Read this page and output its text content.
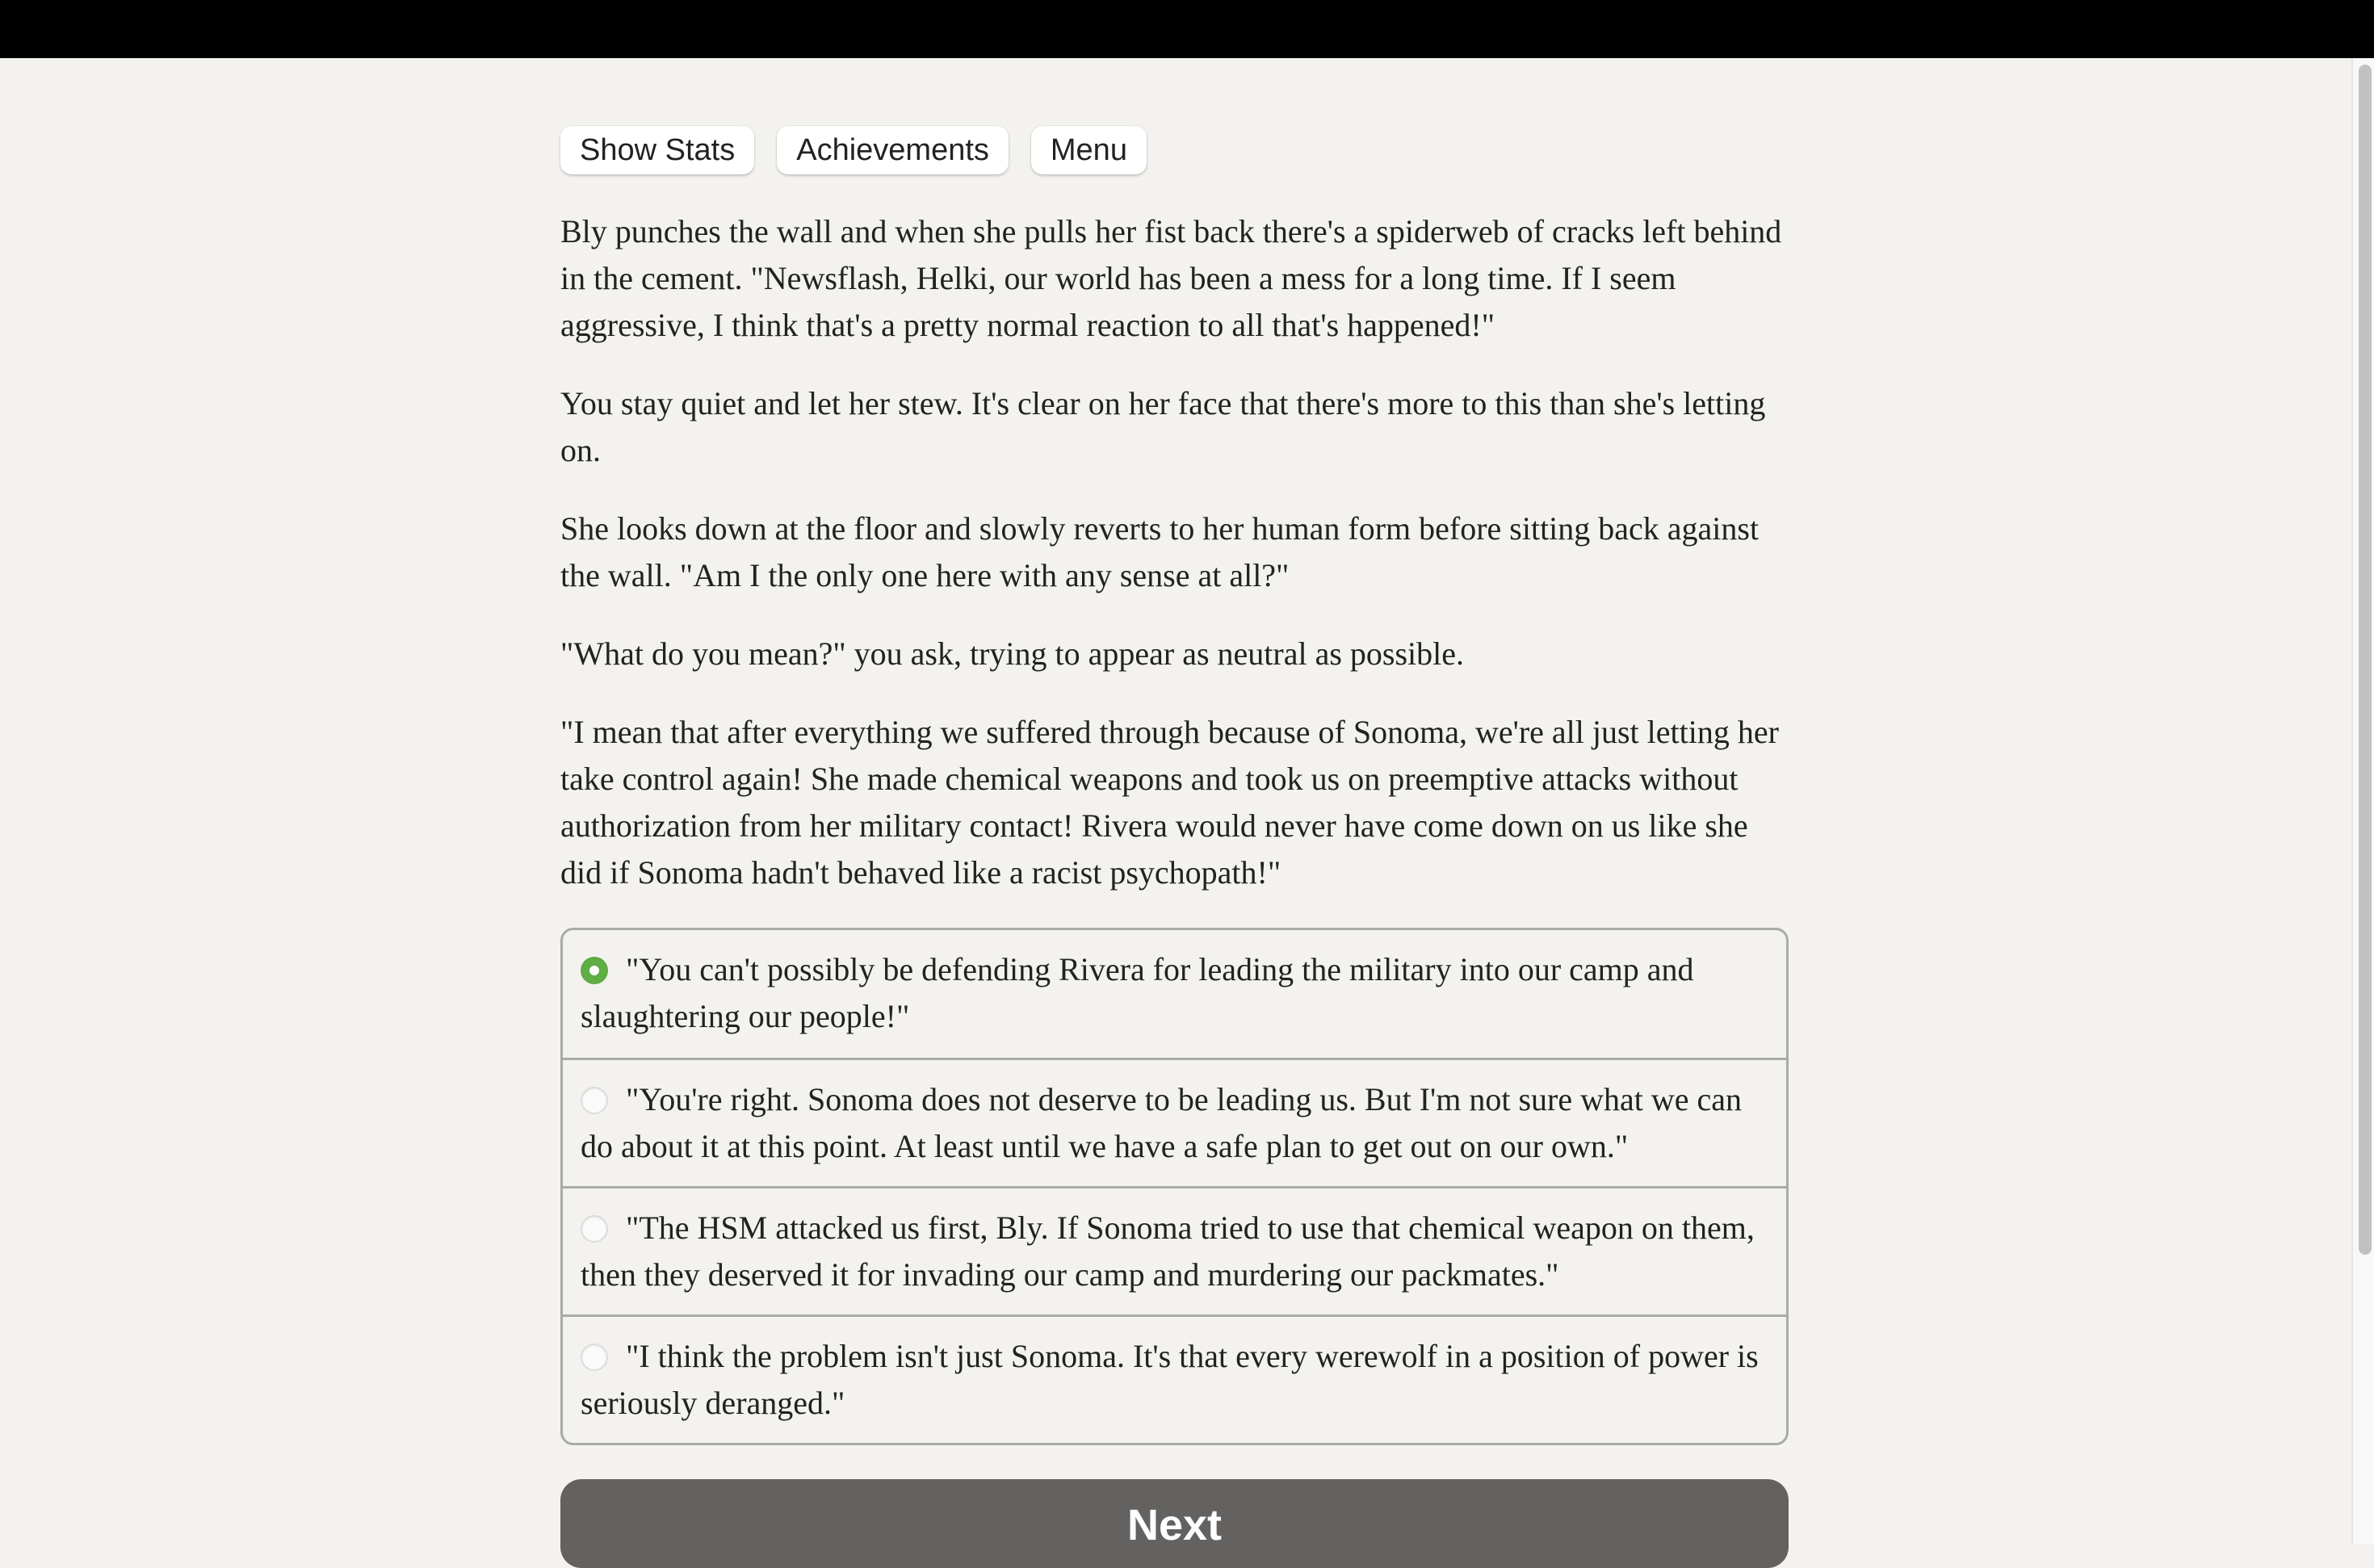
Show Stats	Achievements	Menu

Bly punches the wall and when she pulls her fist back there's a spiderweb of cracks left behind in the cement. "Newsflash, Helki, our world has been a mess for a long time. If I seem aggressive, I think that's a pretty normal reaction to all that's happened!"

You stay quiet and let her stew. It's clear on her face that there's more to this than she's letting on.

She looks down at the floor and slowly reverts to her human form before sitting back against the wall. "Am I the only one here with any sense at all?"

"What do you mean?" you ask, trying to appear as neutral as possible.

"I mean that after everything we suffered through because of Sonoma, we're all just letting her take control again! She made chemical weapons and took us on preemptive attacks without authorization from her military contact! Rivera would never have come down on us like she did if Sonoma hadn't behaved like a racist psychopath!"

"You can't possibly be defending Rivera for leading the military into our camp and slaughtering our people!"
"You're right. Sonoma does not deserve to be leading us. But I'm not sure what we can do about it at this point. At least until we have a safe plan to get out on our own."
"The HSM attacked us first, Bly. If Sonoma tried to use that chemical weapon on them, then they deserved it for invading our camp and murdering our packmates."
"I think the problem isn't just Sonoma. It's that every werewolf in a position of power is seriously deranged."
Next
